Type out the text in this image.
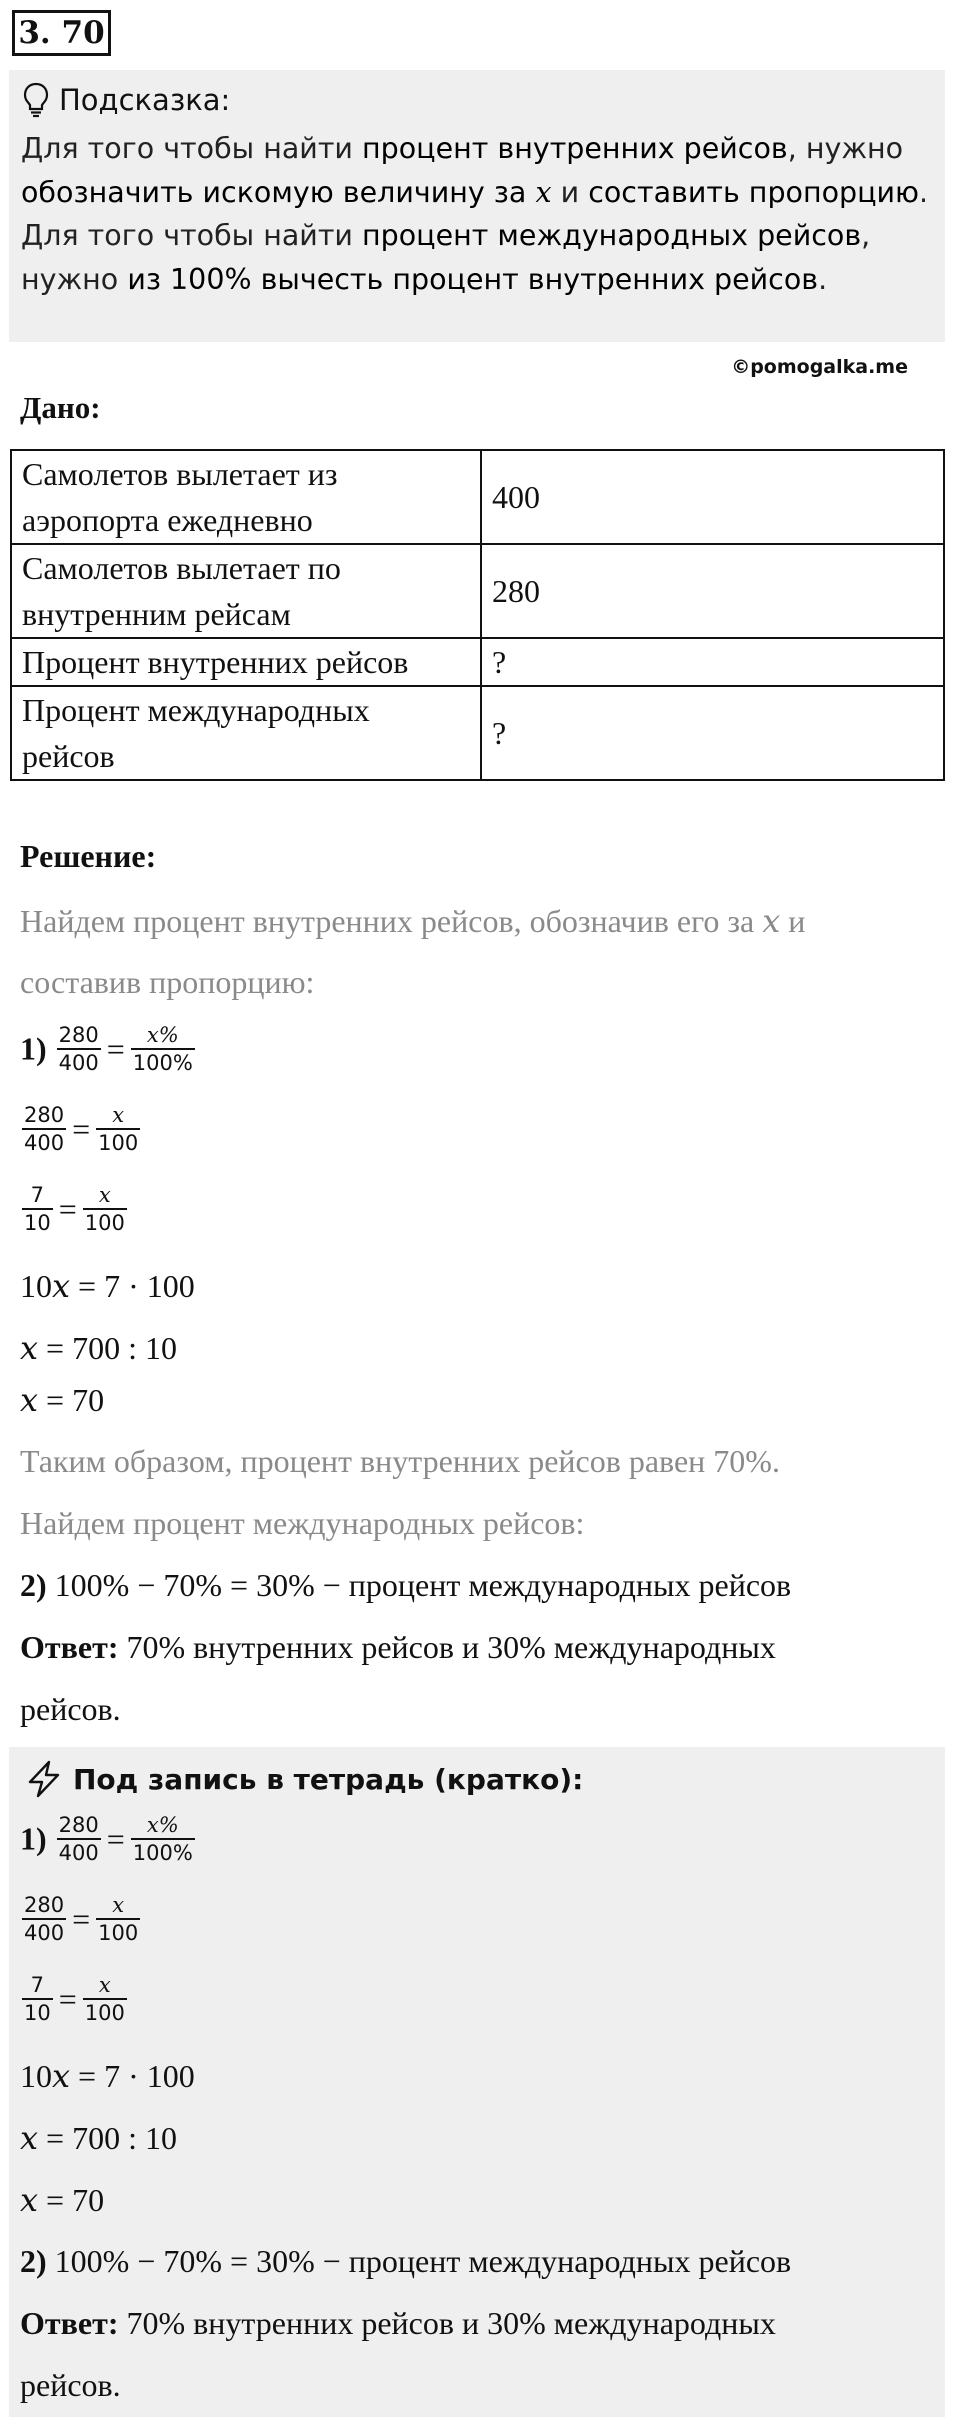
3. 70
Подсказка:
Для того чтобы найти процент внутренних рейсов, нужно
обозначить искомую величину за x и составить пропорцию.
Для того чтобы найти процент международных рейсов,
нужно из 100% вычесть процент внутренних рейсов.
©pomogalka.me
Дано:
Самолетов вылетает из
аэропорта ежедневно	400

Самолетов вылетает по
внутренним рейсам	280
Процент внутренних рейсов	?

Процент международных
рейсов	?
Решение:
Найдем процент внутренних рейсов, обозначив его за x и
составив пропорцию:
$1) \frac{280}{400} = \frac{x\%}{100\%}$
$\frac{280}{400} = \frac{x}{100}$
$\frac{7}{10} = \frac{x}{100}$
10x = 7 · 100
x = 700 : 10
x = 70
Таким образом, процент внутренних рейсов равен 70%.
Найдем процент международных рейсов:
2) 100% − 70% = 30% − процент международных рейсов
Ответ: 70% внутренних рейсов и 30% международных
рейсов.
Под запись в тетрадь (кратко):
$1) \frac{280}{400} = \frac{x\%}{100\%}$
$\frac{280}{400} = \frac{x}{100}$
$\frac{7}{10} = \frac{x}{100}$
10x = 7 · 100
x = 700 : 10
x = 70
2) 100% − 70% = 30% − процент международных рейсов
Ответ: 70% внутренних рейсов и 30% международных
рейсов.
